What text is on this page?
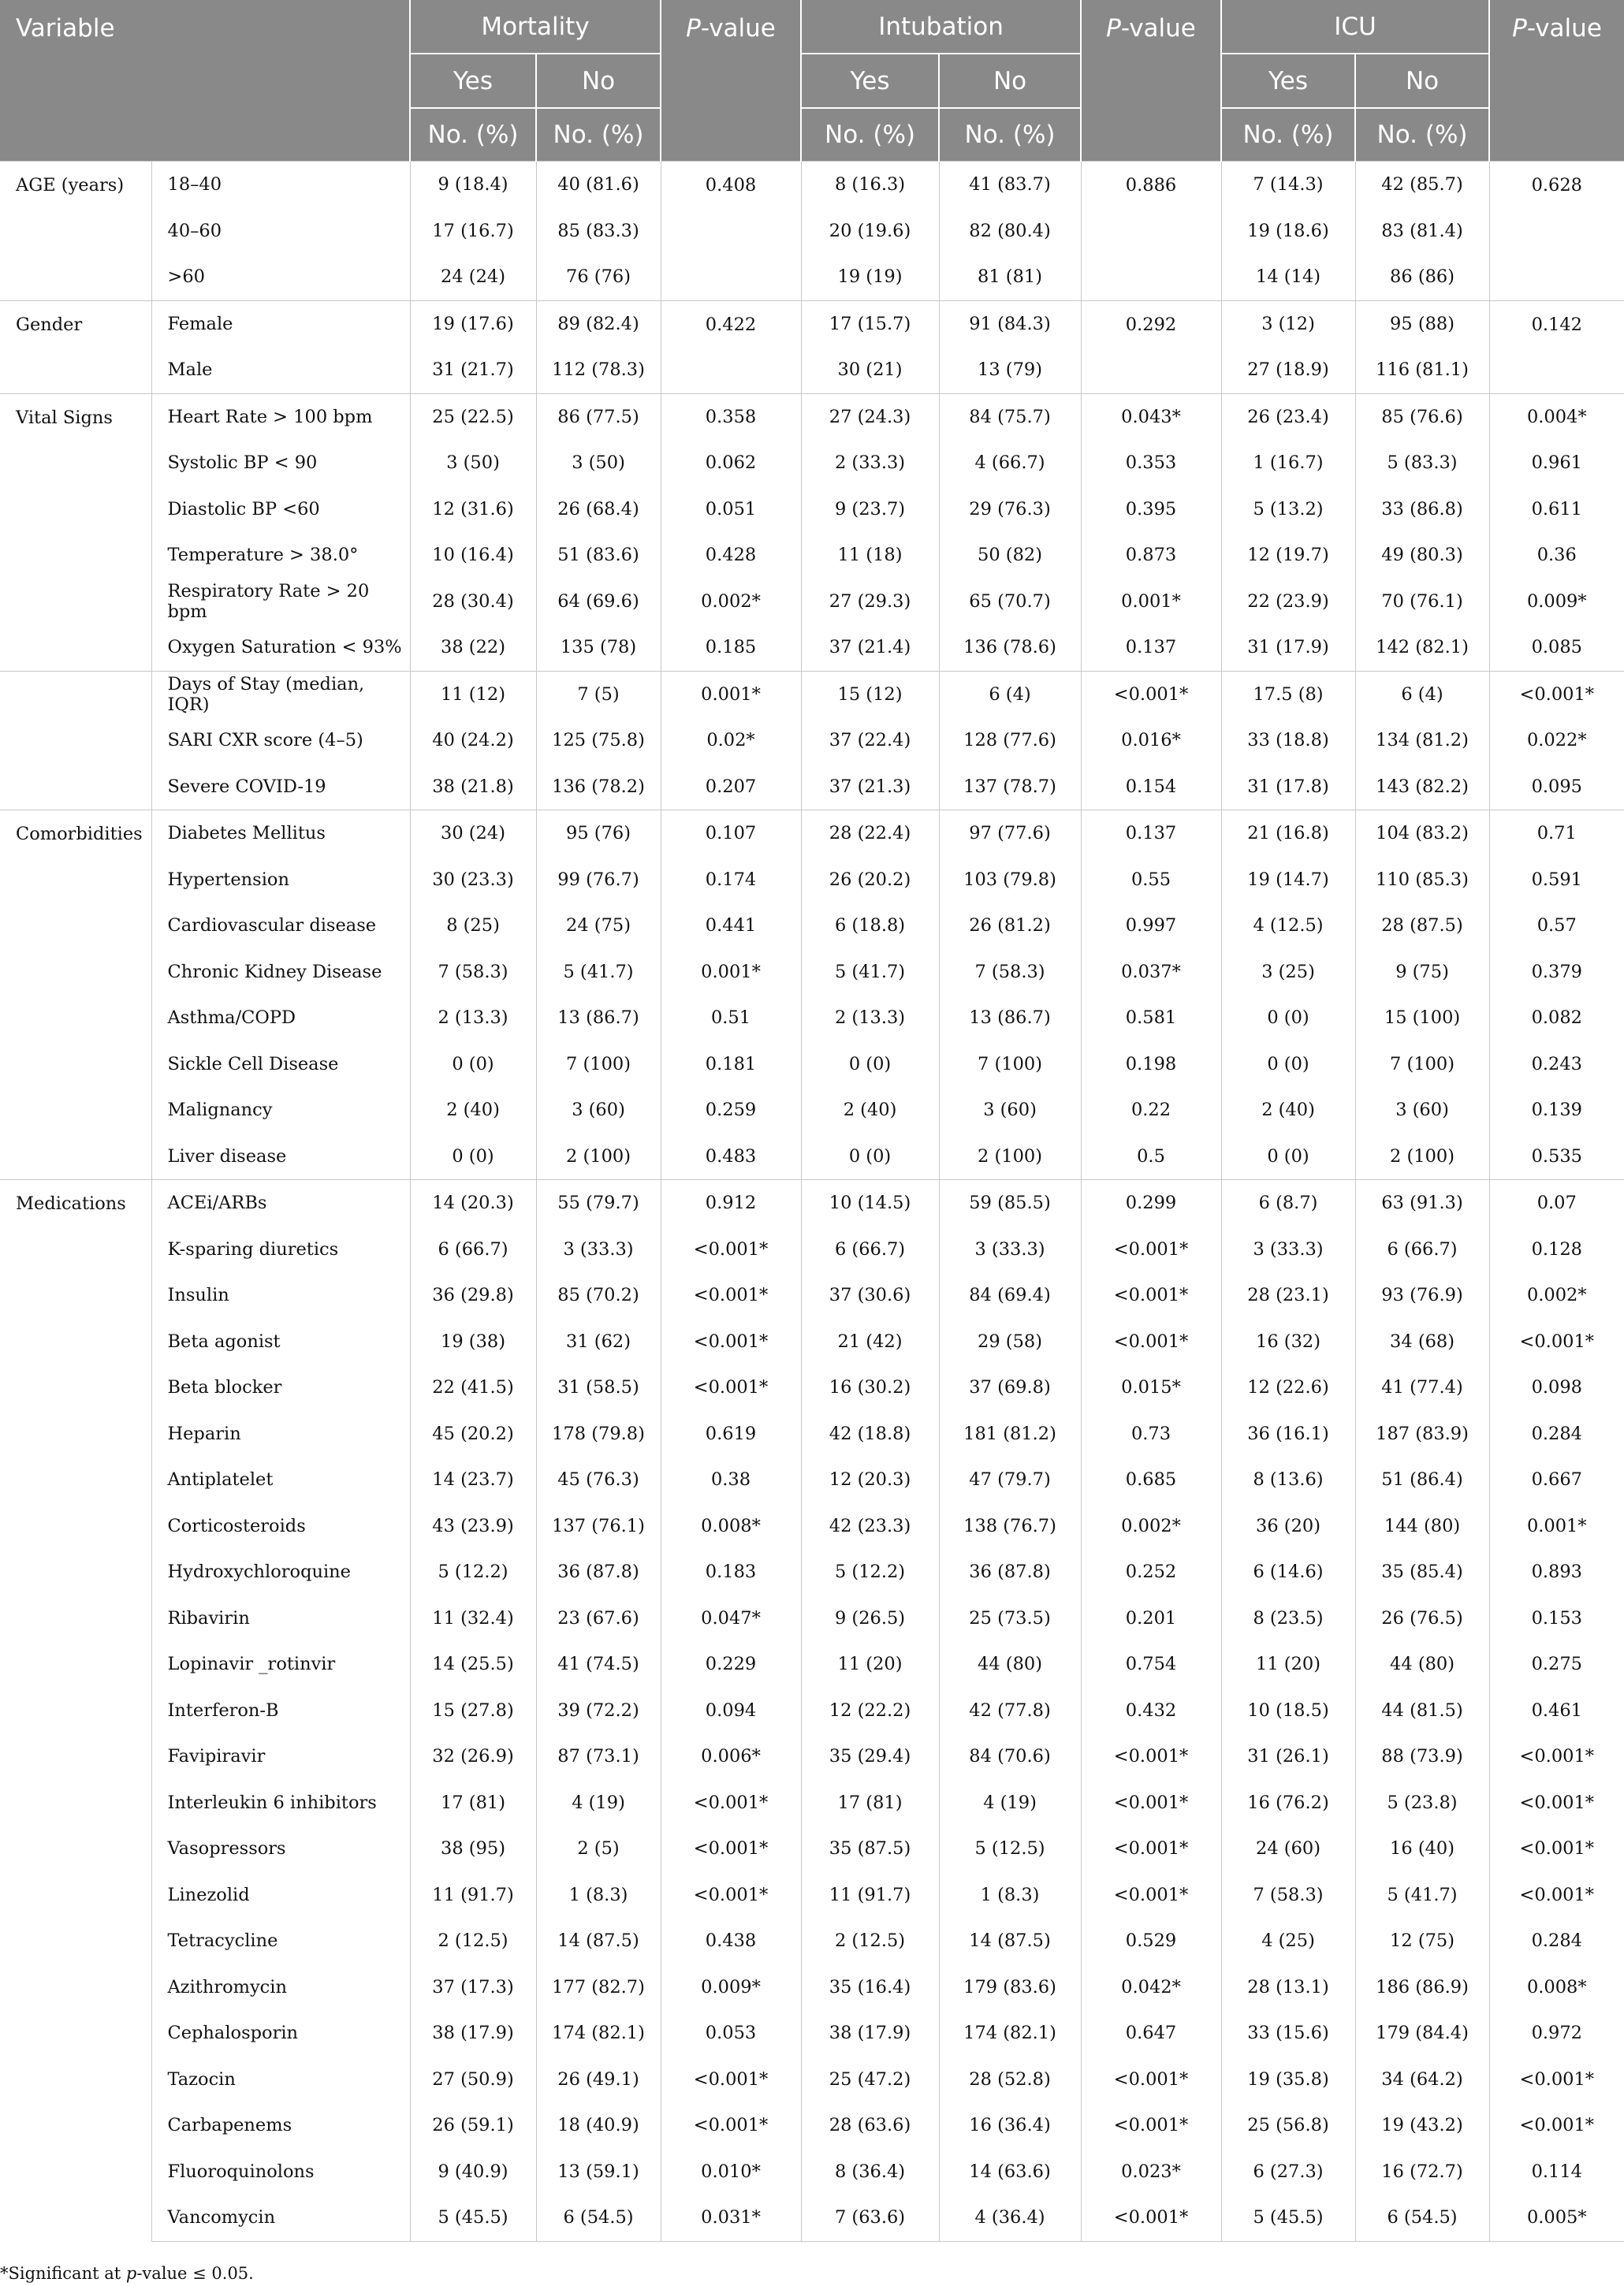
Variable		Mortality		P-value	Intubation		P-value	ICU		P-value
		Yes	No		Yes	No		Yes	No	
		No. (%)	No. (%)		No. (%)	No. (%)		No. (%)	No. (%)	
AGE (years)	18–40	9 (18.4)	40 (81.6)	0.408	8 (16.3)	41 (83.7)	0.886	7 (14.3)	42 (85.7)	0.628
	40–60	17 (16.7)	85 (83.3)		20 (19.6)	82 (80.4)		19 (18.6)	83 (81.4)	
	>60	24 (24)	76 (76)		19 (19)	81 (81)		14 (14)	86 (86)	
Gender	Female	19 (17.6)	89 (82.4)	0.422	17 (15.7)	91 (84.3)	0.292	3 (12)	95 (88)	0.142
	Male	31 (21.7)	112 (78.3)		30 (21)	13 (79)		27 (18.9)	116 (81.1)	
Vital Signs	Heart Rate > 100 bpm	25 (22.5)	86 (77.5)	0.358	27 (24.3)	84 (75.7)	0.043*	26 (23.4)	85 (76.6)	0.004*
	Systolic BP < 90	3 (50)	3 (50)	0.062	2 (33.3)	4 (66.7)	0.353	1 (16.7)	5 (83.3)	0.961
	Diastolic BP <60	12 (31.6)	26 (68.4)	0.051	9 (23.7)	29 (76.3)	0.395	5 (13.2)	33 (86.8)	0.611
	Temperature > 38.0°	10 (16.4)	51 (83.6)	0.428	11 (18)	50 (82)	0.873	12 (19.7)	49 (80.3)	0.36
	Respiratory Rate > 20 bpm	28 (30.4)	64 (69.6)	0.002*	27 (29.3)	65 (70.7)	0.001*	22 (23.9)	70 (76.1)	0.009*
	Oxygen Saturation < 93%	38 (22)	135 (78)	0.185	37 (21.4)	136 (78.6)	0.137	31 (17.9)	142 (82.1)	0.085
	Days of Stay (median, IQR)	11 (12)	7 (5)	0.001*	15 (12)	6 (4)	<0.001*	17.5 (8)	6 (4)	<0.001*
	SARI CXR score (4–5)	40 (24.2)	125 (75.8)	0.02*	37 (22.4)	128 (77.6)	0.016*	33 (18.8)	134 (81.2)	0.022*
	Severe COVID-19	38 (21.8)	136 (78.2)	0.207	37 (21.3)	137 (78.7)	0.154	31 (17.8)	143 (82.2)	0.095
Comorbidities	Diabetes Mellitus	30 (24)	95 (76)	0.107	28 (22.4)	97 (77.6)	0.137	21 (16.8)	104 (83.2)	0.71
	Hypertension	30 (23.3)	99 (76.7)	0.174	26 (20.2)	103 (79.8)	0.55	19 (14.7)	110 (85.3)	0.591
	Cardiovascular disease	8 (25)	24 (75)	0.441	6 (18.8)	26 (81.2)	0.997	4 (12.5)	28 (87.5)	0.57
	Chronic Kidney Disease	7 (58.3)	5 (41.7)	0.001*	5 (41.7)	7 (58.3)	0.037*	3 (25)	9 (75)	0.379
	Asthma/COPD	2 (13.3)	13 (86.7)	0.51	2 (13.3)	13 (86.7)	0.581	0 (0)	15 (100)	0.082
	Sickle Cell Disease	0 (0)	7 (100)	0.181	0 (0)	7 (100)	0.198	0 (0)	7 (100)	0.243
	Malignancy	2 (40)	3 (60)	0.259	2 (40)	3 (60)	0.22	2 (40)	3 (60)	0.139
	Liver disease	0 (0)	2 (100)	0.483	0 (0)	2 (100)	0.5	0 (0)	2 (100)	0.535
Medications	ACEi/ARBs	14 (20.3)	55 (79.7)	0.912	10 (14.5)	59 (85.5)	0.299	6 (8.7)	63 (91.3)	0.07
	K-sparing diuretics	6 (66.7)	3 (33.3)	<0.001*	6 (66.7)	3 (33.3)	<0.001*	3 (33.3)	6 (66.7)	0.128
	Insulin	36 (29.8)	85 (70.2)	<0.001*	37 (30.6)	84 (69.4)	<0.001*	28 (23.1)	93 (76.9)	0.002*
	Beta agonist	19 (38)	31 (62)	<0.001*	21 (42)	29 (58)	<0.001*	16 (32)	34 (68)	<0.001*
	Beta blocker	22 (41.5)	31 (58.5)	<0.001*	16 (30.2)	37 (69.8)	0.015*	12 (22.6)	41 (77.4)	0.098
	Heparin	45 (20.2)	178 (79.8)	0.619	42 (18.8)	181 (81.2)	0.73	36 (16.1)	187 (83.9)	0.284
	Antiplatelet	14 (23.7)	45 (76.3)	0.38	12 (20.3)	47 (79.7)	0.685	8 (13.6)	51 (86.4)	0.667
	Corticosteroids	43 (23.9)	137 (76.1)	0.008*	42 (23.3)	138 (76.7)	0.002*	36 (20)	144 (80)	0.001*
	Hydroxychloroquine	5 (12.2)	36 (87.8)	0.183	5 (12.2)	36 (87.8)	0.252	6 (14.6)	35 (85.4)	0.893
	Ribavirin	11 (32.4)	23 (67.6)	0.047*	9 (26.5)	25 (73.5)	0.201	8 (23.5)	26 (76.5)	0.153
	Lopinavir _rotinvir	14 (25.5)	41 (74.5)	0.229	11 (20)	44 (80)	0.754	11 (20)	44 (80)	0.275
	Interferon-B	15 (27.8)	39 (72.2)	0.094	12 (22.2)	42 (77.8)	0.432	10 (18.5)	44 (81.5)	0.461
	Favipiravir	32 (26.9)	87 (73.1)	0.006*	35 (29.4)	84 (70.6)	<0.001*	31 (26.1)	88 (73.9)	<0.001*
	Interleukin 6 inhibitors	17 (81)	4 (19)	<0.001*	17 (81)	4 (19)	<0.001*	16 (76.2)	5 (23.8)	<0.001*
	Vasopressors	38 (95)	2 (5)	<0.001*	35 (87.5)	5 (12.5)	<0.001*	24 (60)	16 (40)	<0.001*
	Linezolid	11 (91.7)	1 (8.3)	<0.001*	11 (91.7)	1 (8.3)	<0.001*	7 (58.3)	5 (41.7)	<0.001*
	Tetracycline	2 (12.5)	14 (87.5)	0.438	2 (12.5)	14 (87.5)	0.529	4 (25)	12 (75)	0.284
	Azithromycin	37 (17.3)	177 (82.7)	0.009*	35 (16.4)	179 (83.6)	0.042*	28 (13.1)	186 (86.9)	0.008*
	Cephalosporin	38 (17.9)	174 (82.1)	0.053	38 (17.9)	174 (82.1)	0.647	33 (15.6)	179 (84.4)	0.972
	Tazocin	27 (50.9)	26 (49.1)	<0.001*	25 (47.2)	28 (52.8)	<0.001*	19 (35.8)	34 (64.2)	<0.001*
	Carbapenems	26 (59.1)	18 (40.9)	<0.001*	28 (63.6)	16 (36.4)	<0.001*	25 (56.8)	19 (43.2)	<0.001*
	Fluoroquinolons	9 (40.9)	13 (59.1)	0.010*	8 (36.4)	14 (63.6)	0.023*	6 (27.3)	16 (72.7)	0.114
	Vancomycin	5 (45.5)	6 (54.5)	0.031*	7 (63.6)	4 (36.4)	<0.001*	5 (45.5)	6 (54.5)	0.005*
*Significant at p-value ≤ 0.05.
